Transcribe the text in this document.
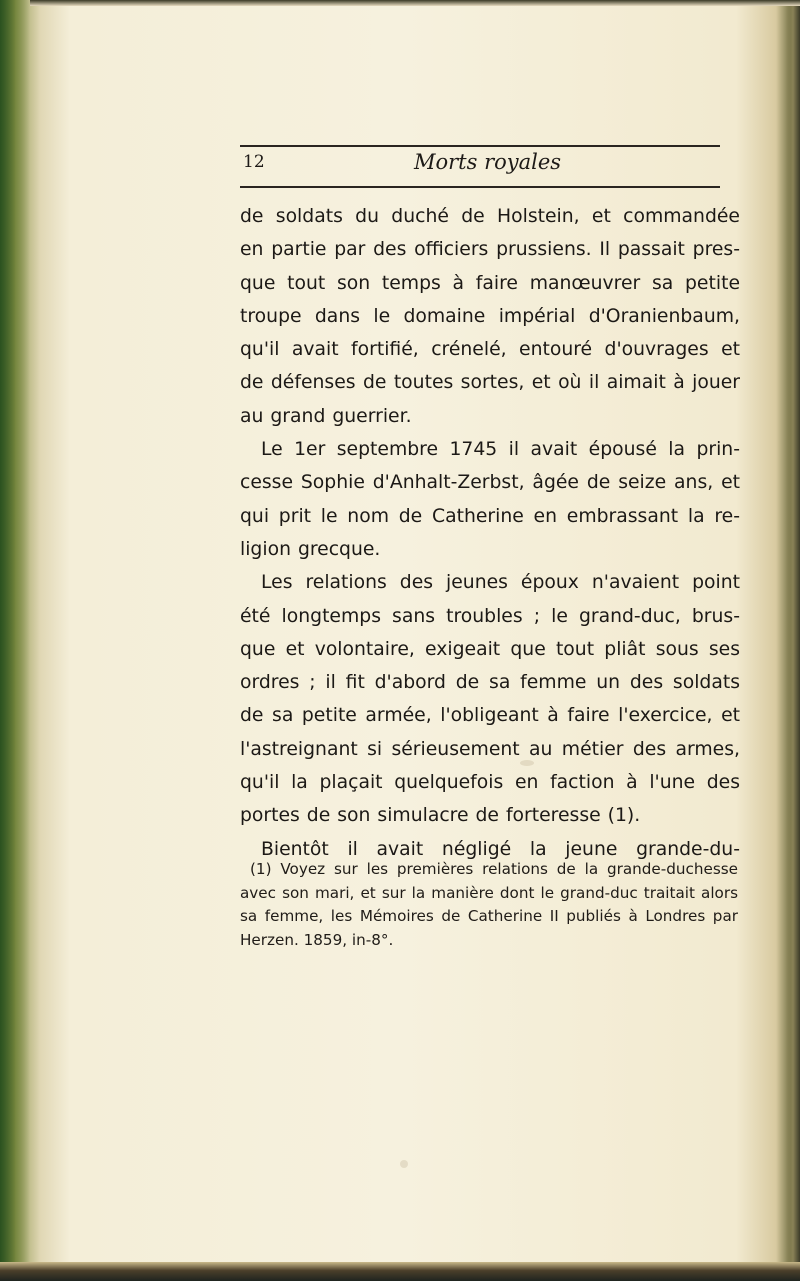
12	Morts royales
de soldats du duché de Holstein, et commandée
en partie par des officiers prussiens. Il passait pres-
que tout son temps à faire manœuvrer sa petite
troupe dans le domaine impérial d'Oranienbaum,
qu'il avait fortifié, crénelé, entouré d'ouvrages et
de défenses de toutes sortes, et où il aimait à jouer
au grand guerrier.
Le 1er septembre 1745 il avait épousé la prin-
cesse Sophie d'Anhalt-Zerbst, âgée de seize ans, et
qui prit le nom de Catherine en embrassant la re-
ligion grecque.
Les relations des jeunes époux n'avaient point
été longtemps sans troubles ; le grand-duc, brus-
que et volontaire, exigeait que tout pliât sous ses
ordres ; il fit d'abord de sa femme un des soldats
de sa petite armée, l'obligeant à faire l'exercice, et
l'astreignant si sérieusement au métier des armes,
qu'il la plaçait quelquefois en faction à l'une des
portes de son simulacre de forteresse (1).
Bientôt il avait négligé la jeune grande-du-
(1) Voyez sur les premières relations de la grande-duchesse
avec son mari, et sur la manière dont le grand-duc traitait alors
sa femme, les Mémoires de Catherine II publiés à Londres par
Herzen. 1859, in-8°.
